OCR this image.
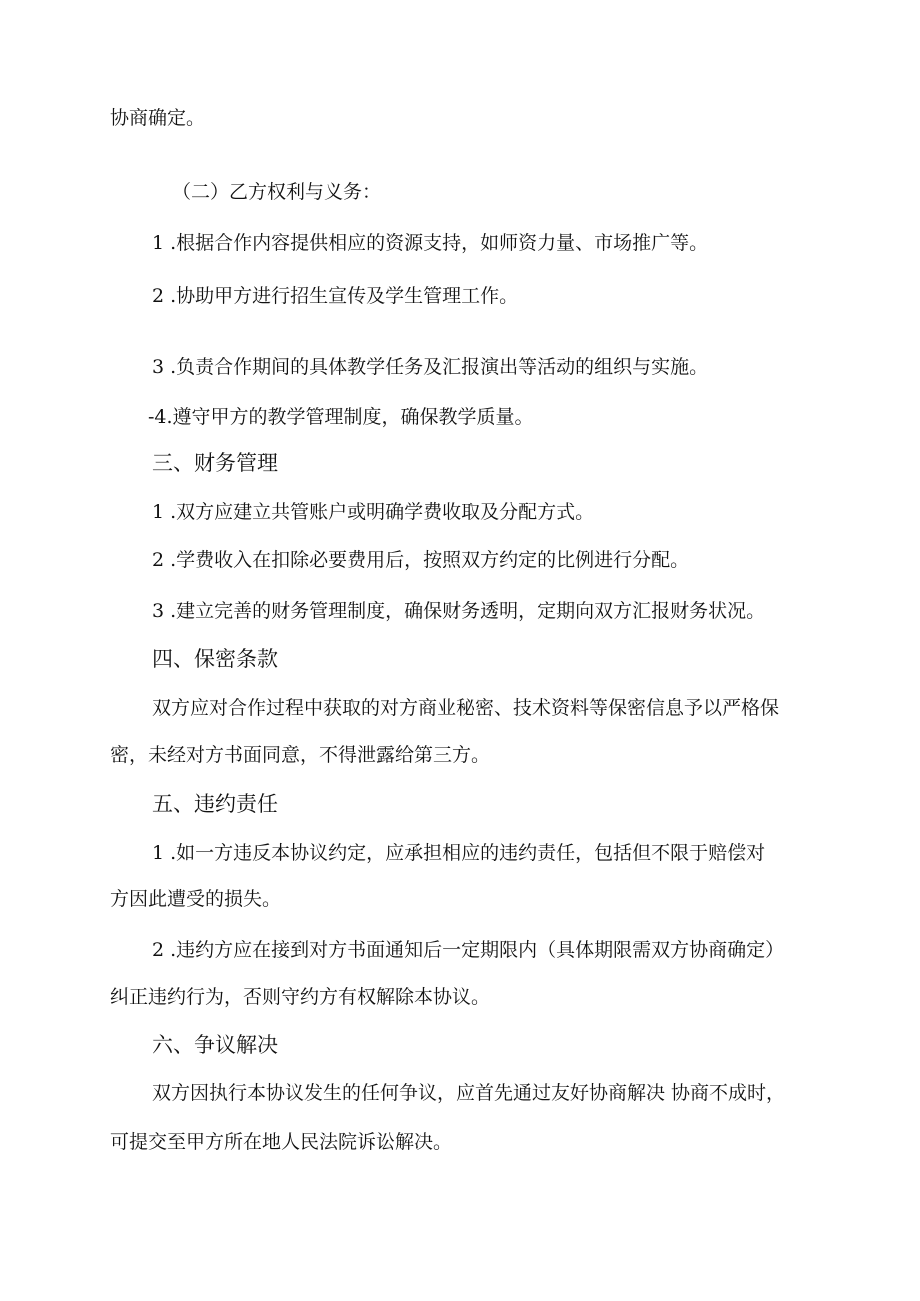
协商确定。
（二）乙方权利与义务：
1 .根据合作内容提供相应的资源支持，如师资力量、市场推广等。
2 .协助甲方进行招生宣传及学生管理工作。
3 .负责合作期间的具体教学任务及汇报演出等活动的组织与实施。
-4.遵守甲方的教学管理制度，确保教学质量。
三、财务管理
1 .双方应建立共管账户或明确学费收取及分配方式。
2 .学费收入在扣除必要费用后，按照双方约定的比例进行分配。
3 .建立完善的财务管理制度，确保财务透明，定期向双方汇报财务状况。
四、保密条款
双方应对合作过程中获取的对方商业秘密、技术资料等保密信息予以严格保
密，未经对方书面同意，不得泄露给第三方。
五、违约责任
1 .如一方违反本协议约定，应承担相应的违约责任，包括但不限于赔偿对
方因此遭受的损失。
2 .违约方应在接到对方书面通知后一定期限内（具体期限需双方协商确定）
纠正违约行为，否则守约方有权解除本协议。
六、争议解决
双方因执行本协议发生的任何争议，应首先通过友好协商解决 协商不成时，
可提交至甲方所在地人民法院诉讼解决。
